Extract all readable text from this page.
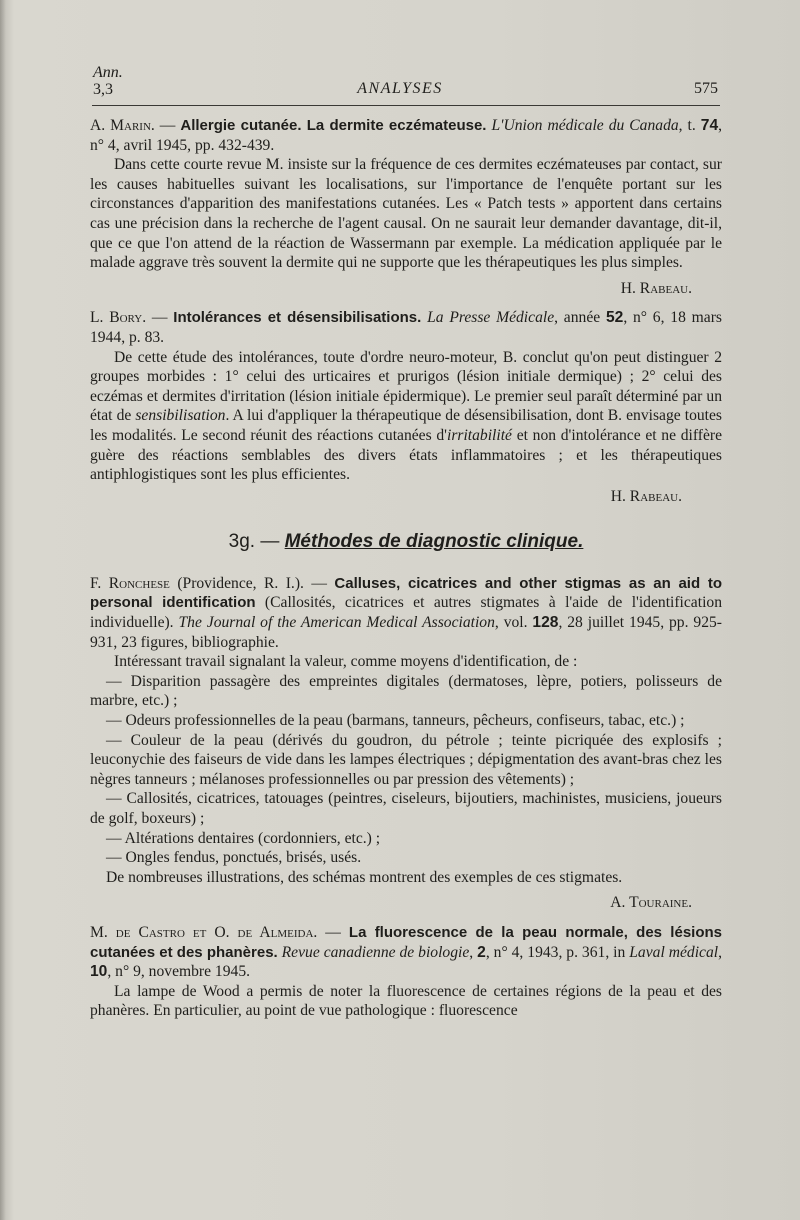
Ann.
3,3	ANALYSES	575

A. Marin. — Allergie cutanée. La dermite eczémateuse. L'Union médicale du Canada, t. 74, n° 4, avril 1945, pp. 432-439.

Dans cette courte revue M. insiste sur la fréquence de ces dermites eczémateuses par contact, sur les causes habituelles suivant les localisations, sur l'importance de l'enquête portant sur les circonstances d'apparition des manifestations cutanées. Les « Patch tests » apportent dans certains cas une précision dans la recherche de l'agent causal. On ne saurait leur demander davantage, dit-il, que ce que l'on attend de la réaction de Wassermann par exemple. La médication appliquée par le malade aggrave très souvent la dermite qui ne supporte que les thérapeutiques les plus simples.

H. Rabeau.

L. Bory. — Intolérances et désensibilisations. La Presse Médicale, année 52, n° 6, 18 mars 1944, p. 83.

De cette étude des intolérances, toute d'ordre neuro-moteur, B. conclut qu'on peut distinguer 2 groupes morbides : 1° celui des urticaires et prurigos (lésion initiale dermique) ; 2° celui des eczémas et dermites d'irritation (lésion initiale épidermique). Le premier seul paraît déterminé par un état de sensibilisation. A lui d'appliquer la thérapeutique de désensibilisation, dont B. envisage toutes les modalités. Le second réunit des réactions cutanées d'irritabilité et non d'intolérance et ne diffère guère des réactions semblables des divers états inflammatoires ; et les thérapeutiques antiphlogistiques sont les plus efficientes.

H. Rabeau.

3g. — Méthodes de diagnostic clinique.

F. Ronchese (Providence, R. I.). — Calluses, cicatrices and other stigmas as an aid to personal identification (Callosités, cicatrices et autres stigmates à l'aide de l'identification individuelle). The Journal of the American Medical Association, vol. 128, 28 juillet 1945, pp. 925-931, 23 figures, bibliographie.

Intéressant travail signalant la valeur, comme moyens d'identification, de :

— Disparition passagère des empreintes digitales (dermatoses, lèpre, potiers, polisseurs de marbre, etc.) ;

— Odeurs professionnelles de la peau (barmans, tanneurs, pêcheurs, confiseurs, tabac, etc.) ;

— Couleur de la peau (dérivés du goudron, du pétrole ; teinte picriquée des explosifs ; leuconychie des faiseurs de vide dans les lampes électriques ; dépigmentation des avant-bras chez les nègres tanneurs ; mélanoses professionnelles ou par pression des vêtements) ;

— Callosités, cicatrices, tatouages (peintres, ciseleurs, bijoutiers, machinistes, musiciens, joueurs de golf, boxeurs) ;

— Altérations dentaires (cordonniers, etc.) ;

— Ongles fendus, ponctués, brisés, usés.

De nombreuses illustrations, des schémas montrent des exemples de ces stigmates.

A. Touraine.

M. de Castro et O. de Almeida. — La fluorescence de la peau normale, des lésions cutanées et des phanères. Revue canadienne de biologie, 2, n° 4, 1943, p. 361, in Laval médical, 10, n° 9, novembre 1945.

La lampe de Wood a permis de noter la fluorescence de certaines régions de la peau et des phanères. En particulier, au point de vue pathologique : fluorescence
